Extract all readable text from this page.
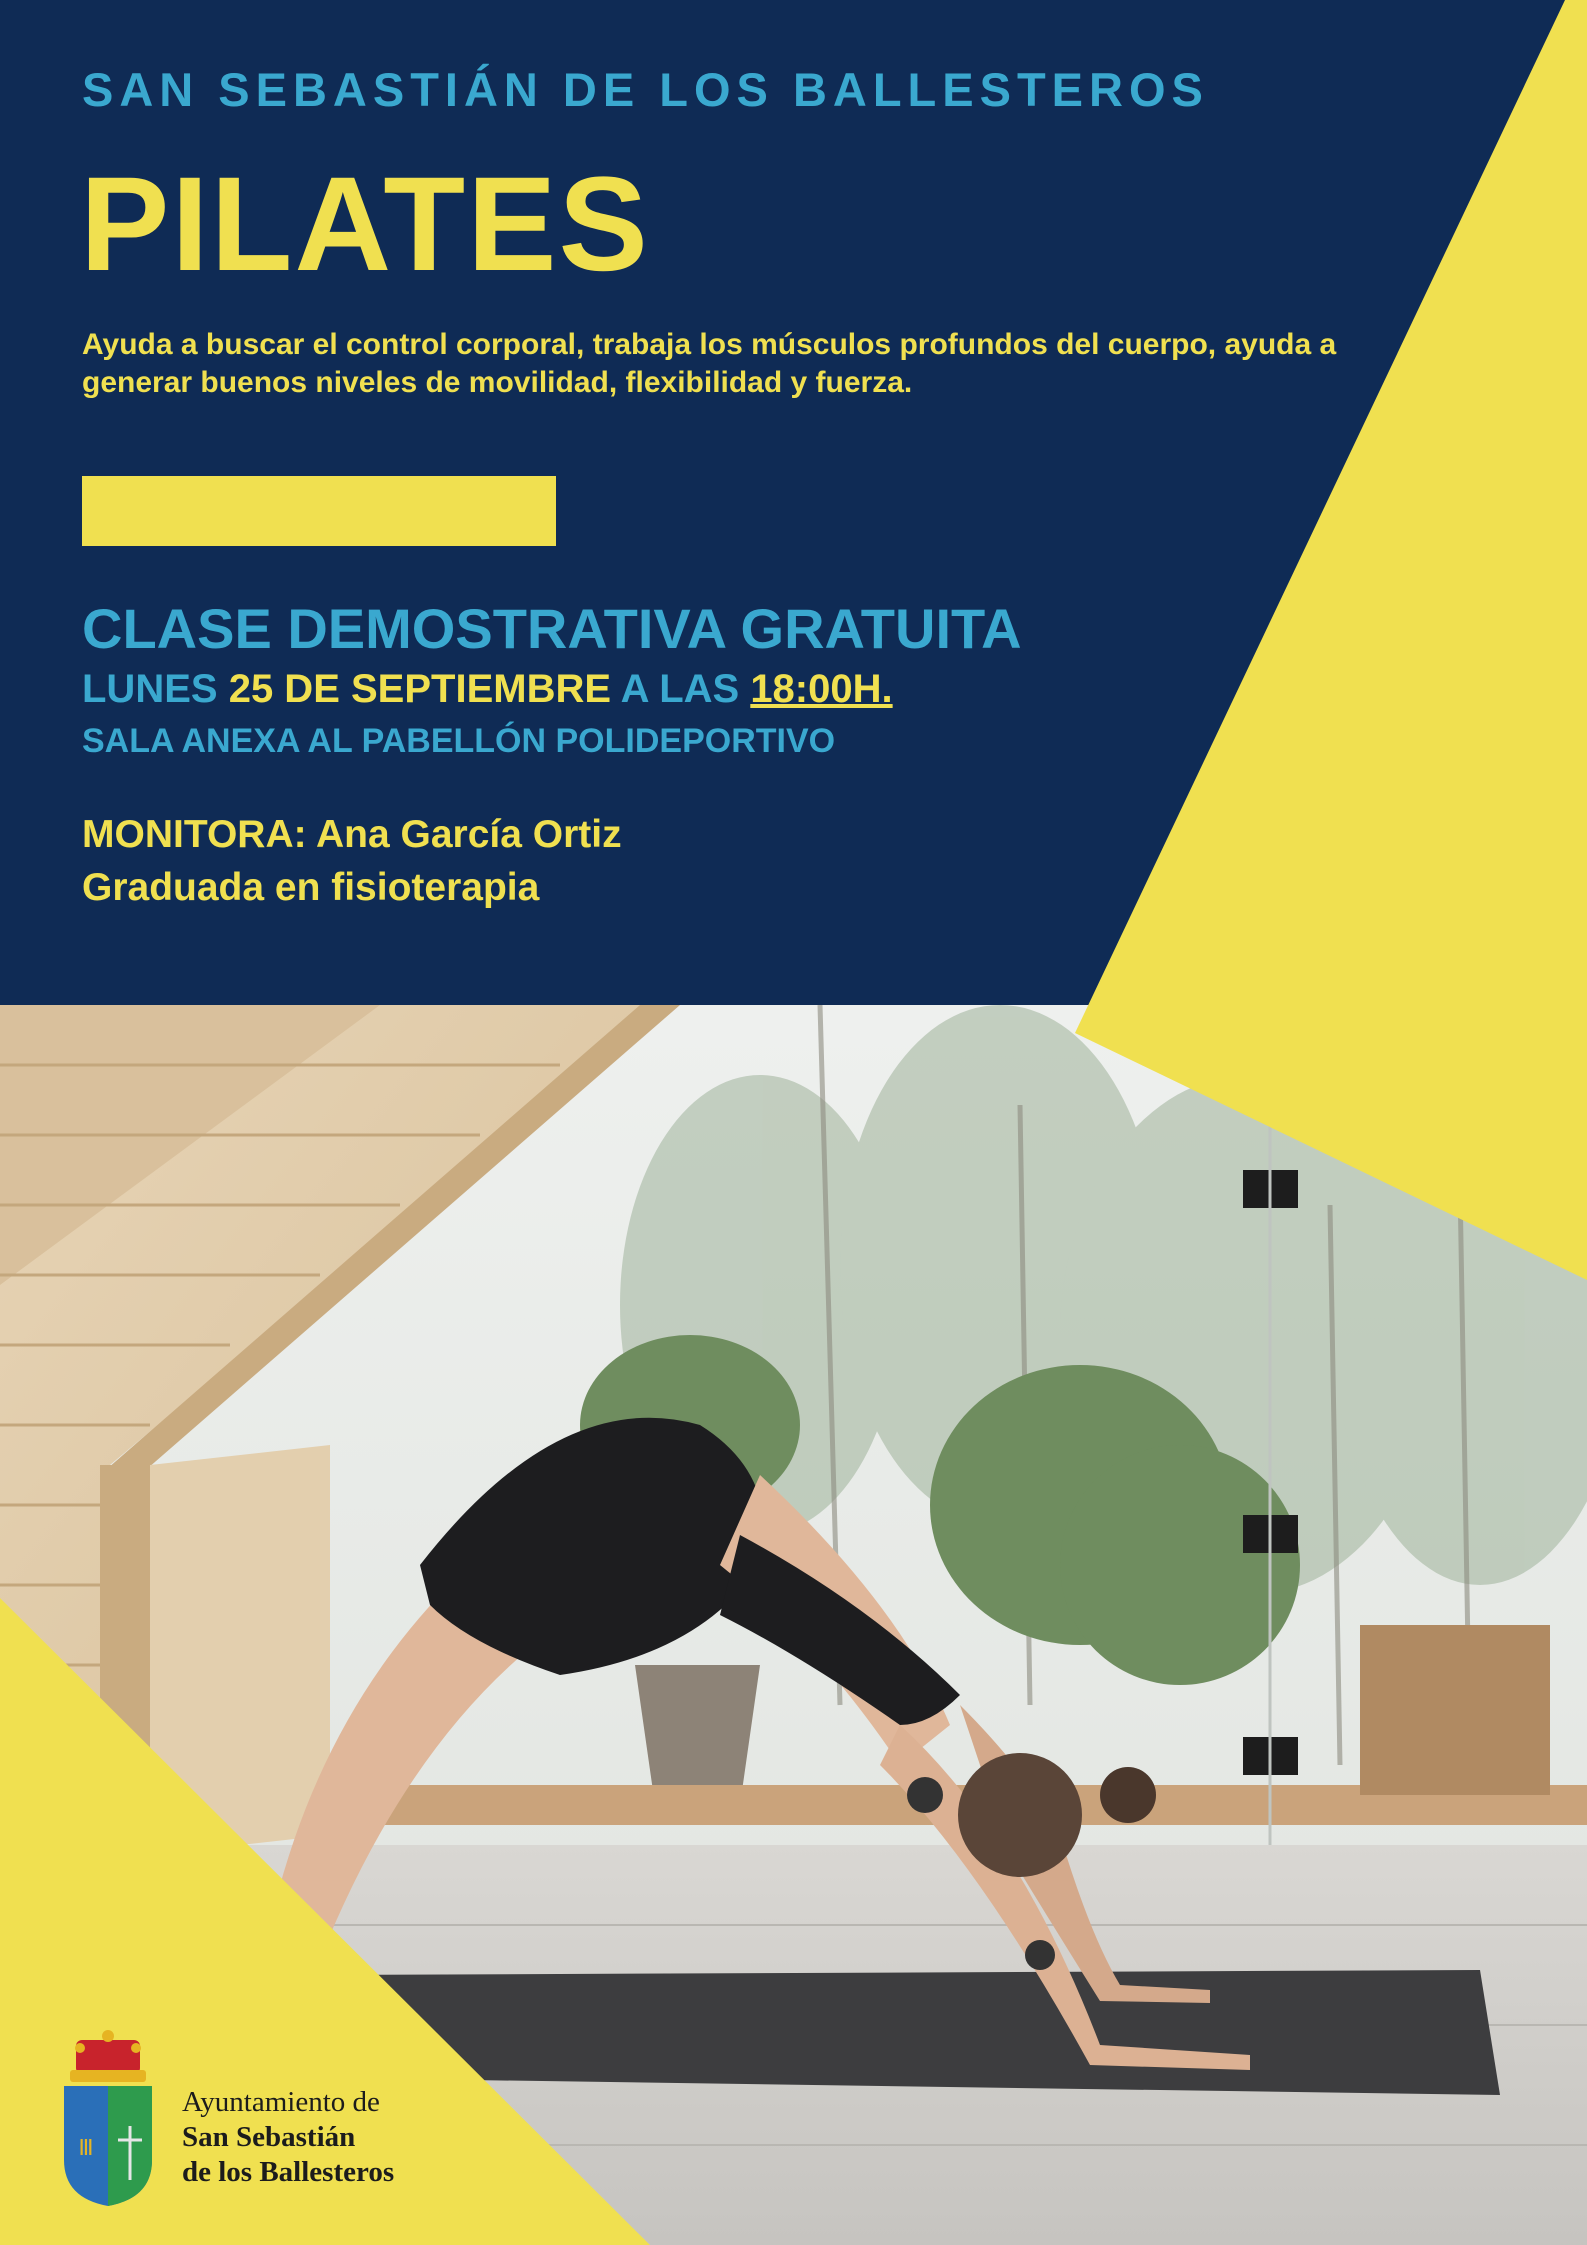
SAN SEBASTIÁN DE LOS BALLESTEROS
PILATES
Ayuda a buscar el control corporal, trabaja los músculos profundos del cuerpo, ayuda a generar buenos niveles de movilidad, flexibilidad y fuerza.
CLASE DEMOSTRATIVA GRATUITA
LUNES 25 DE SEPTIEMBRE A LAS 18:00H.
SALA ANEXA AL PABELLÓN POLIDEPORTIVO
MONITORA: Ana García Ortiz
Graduada en fisioterapia
Ⅲ
Ayuntamiento de
San Sebastián
de los Ballesteros
